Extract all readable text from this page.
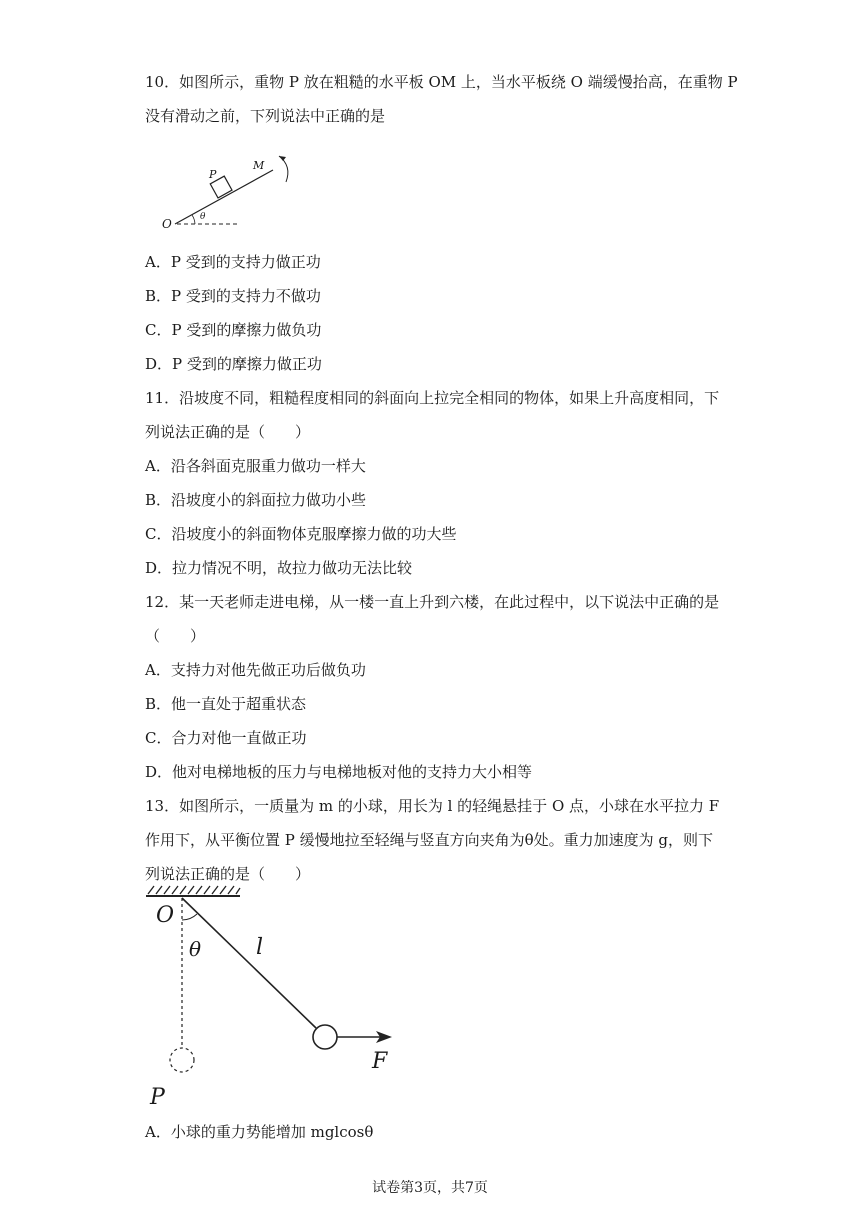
10．如图所示，重物 P 放在粗糙的水平板 OM 上，当水平板绕 O 端缓慢抬高，在重物 P
没有滑动之前，下列说法中正确的是
O	θ
P
M
A．P 受到的支持力做正功
B．P 受到的支持力不做功
C．P 受到的摩擦力做负功
D．P 受到的摩擦力做正功
11．沿坡度不同，粗糙程度相同的斜面向上拉完全相同的物体，如果上升高度相同，下
列说法正确的是（　　）
A．沿各斜面克服重力做功一样大
B．沿坡度小的斜面拉力做功小些
C．沿坡度小的斜面物体克服摩擦力做的功大些
D．拉力情况不明，故拉力做功无法比较
12．某一天老师走进电梯，从一楼一直上升到六楼，在此过程中，以下说法中正确的是
（　　）
A．支持力对他先做正功后做负功
B．他一直处于超重状态
C．合力对他一直做正功
D．他对电梯地板的压力与电梯地板对他的支持力大小相等
13．如图所示，一质量为 m 的小球，用长为 l 的轻绳悬挂于 O 点，小球在水平拉力 F
作用下，从平衡位置 P 缓慢地拉至轻绳与竖直方向夹角为θ处。重力加速度为 g，则下
列说法正确的是（　　）
O
θ l
P
F
A．小球的重力势能增加 mglcosθ
试卷第3页，共7页
